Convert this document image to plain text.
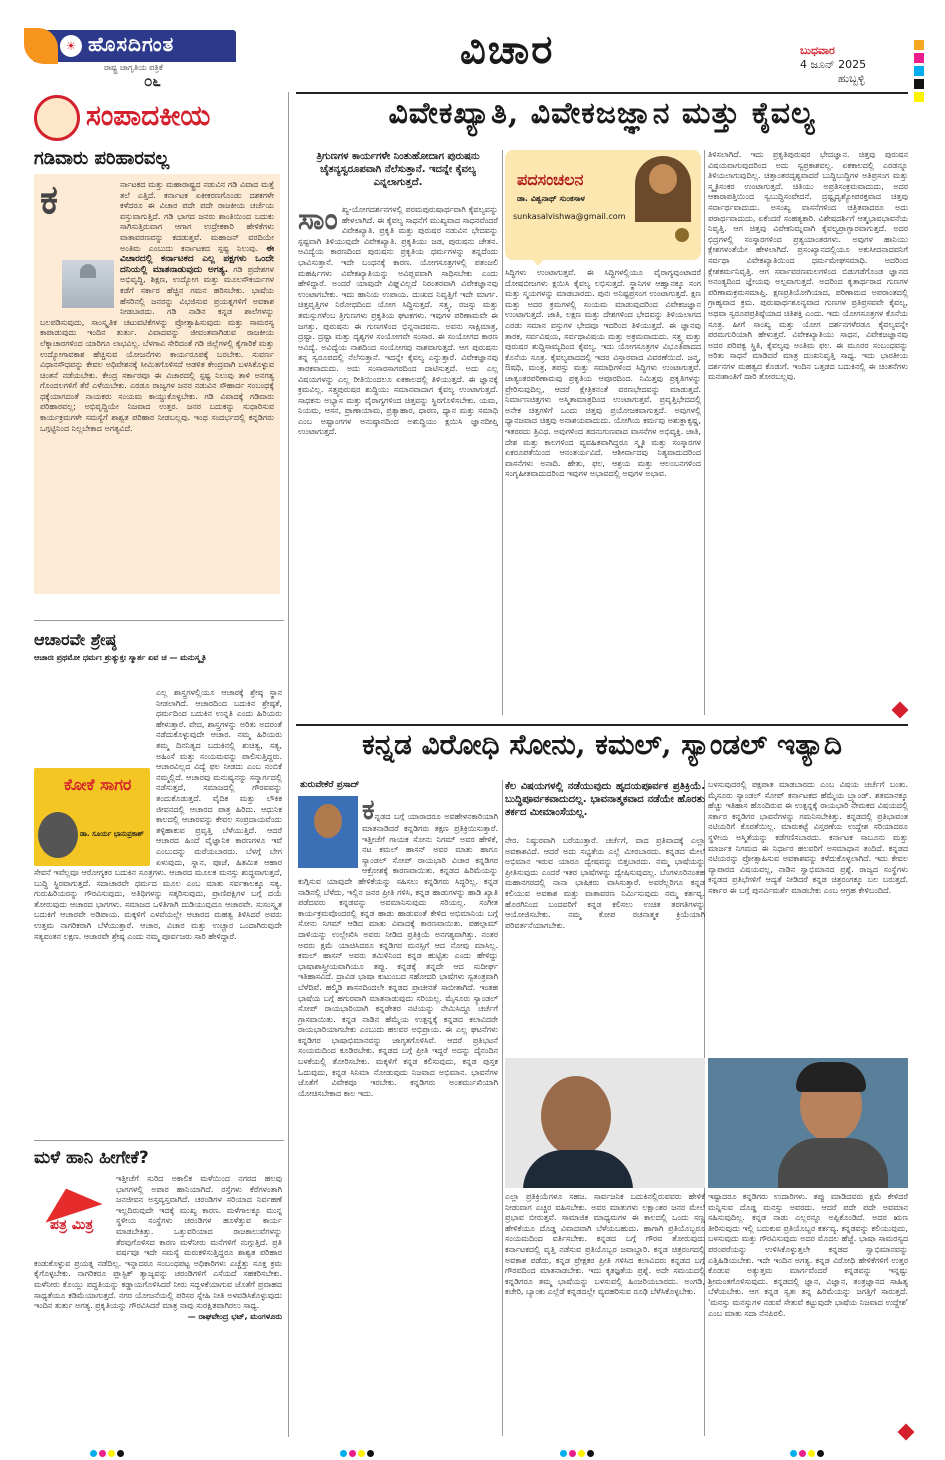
☀ ಹೊಸದಿಗಂತ
ರಾಷ್ಟ್ರ ಜಾಗೃತಿಯ ಪತ್ರಿಕೆ
೦೬
ವಿಚಾರ	ಬುಧವಾರ
4 ಜೂನ್ 2025
ಹುಬ್ಬಳ್ಳಿ
ಸಂಪಾದಕೀಯ
ಗಡಿವಾರು ಪರಿಹಾರವಲ್ಲ
ಕ	ರ್ನಾಟಕದ ಮತ್ತು ಮಹಾರಾಷ್ಟ್ರದ ನಡುವಿನ ಗಡಿ ವಿವಾದ ಮತ್ತೆ ತಲೆ ಎತ್ತಿದೆ. ಕರ್ನಾಟಕ ಏಕೀಕರಣಗೊಂಡು ದಶಕಗಳೇ ಕಳೆದರೂ ಈ ವಿಚಾರ ಪದೇ ಪದೇ ರಾಜಕೀಯ ಚರ್ಚೆಯ ವಸ್ತುವಾಗುತ್ತಿದೆ. ಗಡಿ ಭಾಗದ ಜನರು ಶಾಂತಿಯಿಂದ ಬದುಕು ಸಾಗಿಸುತ್ತಿರುವಾಗ ಆಗಾಗ ಉದ್ರೇಕಕಾರಿ ಹೇಳಿಕೆಗಳು ವಾತಾವರಣವನ್ನು ಕದಡುತ್ತವೆ. ಮಹಾಜನ್ ವರದಿಯೇ ಅಂತಿಮ ಎಂಬುದು ಕರ್ನಾಟಕದ ಸ್ಪಷ್ಟ ನಿಲುವು. ಈ ವಿಚಾರದಲ್ಲಿ ಕರ್ನಾಟಕದ ಎಲ್ಲ ಪಕ್ಷಗಳು ಒಂದೇ ದನಿಯಲ್ಲಿ ಮಾತನಾಡುವುದು ಅಗತ್ಯ. ಗಡಿ ಪ್ರದೇಶಗಳ ಅಭಿವೃದ್ಧಿ, ಶಿಕ್ಷಣ, ಉದ್ಯೋಗ ಮತ್ತು ಮೂಲಸೌಕರ್ಯಗಳ ಕಡೆಗೆ ಸರ್ಕಾರ ಹೆಚ್ಚಿನ ಗಮನ ಹರಿಸಬೇಕು. ಭಾಷೆಯ ಹೆಸರಿನಲ್ಲಿ ಜನರನ್ನು ವಿಭಜಿಸುವ ಪ್ರಯತ್ನಗಳಿಗೆ ಅವಕಾಶ ನೀಡಬಾರದು. ಗಡಿ ನಾಡಿನ ಕನ್ನಡ ಶಾಲೆಗಳನ್ನು ಬಲಪಡಿಸುವುದು, ಸಾಂಸ್ಕೃತಿಕ ಚಟುವಟಿಕೆಗಳನ್ನು ಪ್ರೋತ್ಸಾಹಿಸುವುದು ಮತ್ತು ಸಾಮರಸ್ಯ ಕಾಪಾಡುವುದು ಇಂದಿನ ತುರ್ತು. ವಿವಾದವನ್ನು ಜೀವಂತವಾಗಿಡುವ ರಾಜಕೀಯ ಲೆಕ್ಕಾಚಾರಗಳಿಂದ ಯಾರಿಗೂ ಲಾಭವಿಲ್ಲ. ಬೆಳಗಾವಿ ಸೇರಿದಂತೆ ಗಡಿ ಜಿಲ್ಲೆಗಳಲ್ಲಿ ಕೈಗಾರಿಕೆ ಮತ್ತು ಉದ್ಯೋಗಾವಕಾಶ ಹೆಚ್ಚಿಸುವ ಯೋಜನೆಗಳು ಕಾರ್ಯರೂಪಕ್ಕೆ ಬರಬೇಕು. ಸುವರ್ಣ ವಿಧಾನಸೌಧವನ್ನು ಕೇವಲ ಅಧಿವೇಶನಕ್ಕೆ ಸೀಮಿತಗೊಳಿಸದೆ ಆಡಳಿತ ಕೇಂದ್ರವಾಗಿ ಬಳಸಿಕೊಳ್ಳುವ ಚಿಂತನೆ ನಡೆಯಬೇಕು. ಕೇಂದ್ರ ಸರ್ಕಾರವೂ ಈ ವಿಚಾರದಲ್ಲಿ ಸ್ಪಷ್ಟ ನಿಲುವು ತಾಳಿ ಅನಗತ್ಯ ಗೊಂದಲಗಳಿಗೆ ತೆರೆ ಎಳೆಯಬೇಕು. ಎರಡೂ ರಾಜ್ಯಗಳ ಜನರ ನಡುವಿನ ಸೌಹಾರ್ದ ಸಂಬಂಧಕ್ಕೆ ಧಕ್ಕೆಯಾಗದಂತೆ ನಾಯಕರು ಸಂಯಮ ಕಾಯ್ದುಕೊಳ್ಳಬೇಕು. ಗಡಿ ವಿವಾದಕ್ಕೆ ಗಡಿವಾರು ಪರಿಹಾರವಲ್ಲ; ಅಭಿವೃದ್ಧಿಯೇ ನಿಜವಾದ ಉತ್ತರ. ಜನರ ಬದುಕನ್ನು ಸುಧಾರಿಸುವ ಕಾರ್ಯಕ್ರಮಗಳೇ ಸಮಸ್ಯೆಗೆ ಶಾಶ್ವತ ಪರಿಹಾರ ನೀಡಬಲ್ಲವು. ಇಂಥ ಸಂದರ್ಭದಲ್ಲಿ ಕನ್ನಡಿಗರು ಒಗ್ಗಟ್ಟಿನಿಂದ ನಿಲ್ಲಬೇಕಾದ ಅಗತ್ಯವಿದೆ.
ಆಚಾರವೇ ಶ್ರೇಷ್ಠ
ಆಚಾರಃ ಪ್ರಥಮೋ ಧರ್ಮಃ ಶ್ರುತ್ಯುಕ್ತಃ ಸ್ಮಾರ್ತ ಏವ ಚ — ಮನುಸ್ಮೃತಿ
ಕೋಕೆ ಸಾಗರ
ಡಾ. ಸೂರ್ಯ ಭಾನುಪ್ರಕಾಶ್
ಎಲ್ಲ ಶಾಸ್ತ್ರಗಳಲ್ಲಿಯೂ ಆಚಾರಕ್ಕೆ ಶ್ರೇಷ್ಠ ಸ್ಥಾನ ನೀಡಲಾಗಿದೆ. ಆಚಾರದಿಂದ ಬದುಕಿನ ಶ್ರೇಷ್ಠತೆ, ಧರ್ಮದಿಂದ ಬದುಕಿನ ಉನ್ನತಿ ಎಂದು ಹಿರಿಯರು ಹೇಳುತ್ತಾರೆ. ವೇದ, ಶಾಸ್ತ್ರಗಳನ್ನು ಅರಿತು ಅದರಂತೆ ನಡೆದುಕೊಳ್ಳುವುದೇ ಆಚಾರ. ನಮ್ಮ ಹಿರಿಯರು ತಮ್ಮ ದಿನನಿತ್ಯದ ಬದುಕಿನಲ್ಲಿ ಶುಚಿತ್ವ, ಸತ್ಯ, ಅಹಿಂಸೆ ಮತ್ತು ಸಂಯಮವನ್ನು ಪಾಲಿಸುತ್ತಿದ್ದರು. ಆಚಾರವಿಲ್ಲದ ವಿದ್ಯೆ ಫಲ ನೀಡದು ಎಂಬ ನಂಬಿಕೆ ನಮ್ಮಲ್ಲಿದೆ. ಆಚಾರವು ಮನುಷ್ಯನನ್ನು ಸನ್ಮಾರ್ಗದಲ್ಲಿ ನಡೆಸುತ್ತದೆ, ಸಮಾಜದಲ್ಲಿ ಗೌರವವನ್ನು ತಂದುಕೊಡುತ್ತದೆ. ವೈದಿಕ ಮತ್ತು ಲೌಕಿಕ ಜೀವನದಲ್ಲಿ ಆಚಾರದ ಪಾತ್ರ ಹಿರಿದು. ಆಧುನಿಕ ಕಾಲದಲ್ಲಿ ಆಚಾರವನ್ನು ಕೇವಲ ಸಂಪ್ರದಾಯವೆಂದು ತಳ್ಳಿಹಾಕುವ ಪ್ರವೃತ್ತಿ ಬೆಳೆಯುತ್ತಿದೆ. ಆದರೆ ಆಚಾರದ ಹಿಂದೆ ವೈಜ್ಞಾನಿಕ ಕಾರಣಗಳೂ ಇವೆ ಎಂಬುದನ್ನು ಮರೆಯಬಾರದು. ಬೆಳಗ್ಗೆ ಬೇಗ ಏಳುವುದು, ಸ್ನಾನ, ಪೂಜೆ, ಹಿತಮಿತ ಆಹಾರ ಸೇವನೆ ಇವೆಲ್ಲವೂ ಆರೋಗ್ಯಕರ ಬದುಕಿನ ಸೂತ್ರಗಳು. ಆಚಾರದ ಮೂಲಕ ಮನಸ್ಸು ಶುದ್ಧವಾಗುತ್ತದೆ, ಬುದ್ಧಿ ಸ್ಥಿರವಾಗುತ್ತದೆ. ಸದಾಚಾರವೇ ಧರ್ಮದ ಮೂಲ ಎಂಬ ಮಾತು ಸರ್ವಕಾಲಕ್ಕೂ ಸತ್ಯ. ಗುರುಹಿರಿಯರನ್ನು ಗೌರವಿಸುವುದು, ಅತಿಥಿಗಳನ್ನು ಸತ್ಕರಿಸುವುದು, ಪ್ರಾಣಿಪಕ್ಷಿಗಳ ಬಗ್ಗೆ ದಯೆ ತೋರುವುದು ಆಚಾರದ ಭಾಗಗಳು. ಸಮಾಜದ ಒಳಿತಿಗಾಗಿ ದುಡಿಯುವುದೂ ಆಚಾರವೇ. ಸುಸಂಸ್ಕೃತ ಬದುಕಿಗೆ ಆಚಾರವೇ ಅಡಿಪಾಯ. ಮಕ್ಕಳಿಗೆ ಎಳವೆಯಲ್ಲೇ ಆಚಾರದ ಮಹತ್ವ ತಿಳಿಸಿದರೆ ಅವರು ಉತ್ತಮ ನಾಗರಿಕರಾಗಿ ಬೆಳೆಯುತ್ತಾರೆ. ಆಚಾರ, ವಿಚಾರ ಮತ್ತು ಉಚ್ಚಾರ ಒಂದಾಗಿರುವುದೇ ಸತ್ಯವಂತನ ಲಕ್ಷಣ. ಆಚಾರವೇ ಶ್ರೇಷ್ಠ ಎಂದು ನಮ್ಮ ಪೂರ್ವಜರು ಸಾರಿ ಹೇಳಿದ್ದಾರೆ.
ಮಳೆ ಹಾನಿ ಹೀಗೇಕೆ?
ಪತ್ರ ಮಿತ್ರ
ಇತ್ತೀಚೆಗೆ ಸುರಿದ ಅಕಾಲಿಕ ಮಳೆಯಿಂದ ನಗರದ ಹಲವು ಭಾಗಗಳಲ್ಲಿ ಅಪಾರ ಹಾನಿಯಾಗಿದೆ. ರಸ್ತೆಗಳು ಕೆರೆಗಳಂತಾಗಿ ಜನಜೀವನ ಅಸ್ತವ್ಯಸ್ತವಾಗಿದೆ. ಚರಂಡಿಗಳ ಸರಿಯಾದ ನಿರ್ವಹಣೆ ಇಲ್ಲದಿರುವುದೇ ಇದಕ್ಕೆ ಮುಖ್ಯ ಕಾರಣ. ಮಳೆಗಾಲಕ್ಕೂ ಮುನ್ನ ಸ್ಥಳೀಯ ಸಂಸ್ಥೆಗಳು ಚರಂಡಿಗಳ ಹೂಳೆತ್ತುವ ಕಾರ್ಯ ಮಾಡಬೇಕಿತ್ತು. ಒತ್ತುವರಿಯಾದ ರಾಜಕಾಲುವೆಗಳನ್ನು ತೆರವುಗೊಳಿಸದ ಕಾರಣ ಮಳೆನೀರು ಮನೆಗಳಿಗೆ ನುಗ್ಗುತ್ತಿದೆ. ಪ್ರತಿ ವರ್ಷವೂ ಇದೇ ಸಮಸ್ಯೆ ಮರುಕಳಿಸುತ್ತಿದ್ದರೂ ಶಾಶ್ವತ ಪರಿಹಾರ ಕಂಡುಕೊಳ್ಳುವ ಪ್ರಯತ್ನ ನಡೆದಿಲ್ಲ. ಇನ್ನಾದರೂ ಸಂಬಂಧಪಟ್ಟ ಅಧಿಕಾರಿಗಳು ಎಚ್ಚೆತ್ತು ಸೂಕ್ತ ಕ್ರಮ ಕೈಗೊಳ್ಳಬೇಕು. ನಾಗರಿಕರೂ ಪ್ಲಾಸ್ಟಿಕ್ ತ್ಯಾಜ್ಯವನ್ನು ಚರಂಡಿಗಳಿಗೆ ಎಸೆಯದೆ ಸಹಕರಿಸಬೇಕು. ಮಳೆನೀರು ಕೊಯ್ಲು ಪದ್ಧತಿಯನ್ನು ಕಡ್ಡಾಯಗೊಳಿಸಿದರೆ ನೀರು ಸದ್ಬಳಕೆಯಾಗುವ ಜೊತೆಗೆ ಪ್ರವಾಹದ ಸಾಧ್ಯತೆಯೂ ಕಡಿಮೆಯಾಗುತ್ತದೆ. ನಗರ ಯೋಜನೆಯಲ್ಲಿ ಪರಿಸರ ಸ್ನೇಹಿ ನೀತಿ ಅಳವಡಿಸಿಕೊಳ್ಳುವುದು ಇಂದಿನ ತುರ್ತು ಅಗತ್ಯ. ಪ್ರಕೃತಿಯನ್ನು ಗೌರವಿಸಿದರೆ ಮಾತ್ರ ನಾವು ಸುರಕ್ಷಿತವಾಗಿರಲು ಸಾಧ್ಯ.
— ರಾಘವೇಂದ್ರ ಭಟ್, ಮಂಗಳೂರು
ವಿವೇಕಖ್ಯಾತಿ, ವಿವೇಕಜಜ್ಞಾನ ಮತ್ತು ಕೈವಲ್ಯ
ತ್ರಿಗುಣಗಳ ಕಾರ್ಯಗಳೇ ನಿಂತುಹೋದಾಗ ಪುರುಷನು ಚೈತನ್ಯಸ್ವರೂಪವಾಗಿ ನೆಲೆಸುತ್ತಾನೆ. ಇದನ್ನೇ ಕೈವಲ್ಯ ಎನ್ನಲಾಗುತ್ತದೆ.
ಸಾಂ ಖ್ಯ-ಯೋಗದರ್ಶನಗಳಲ್ಲಿ ಪರಮಪುರುಷಾರ್ಥವಾಗಿ ಕೈವಲ್ಯವನ್ನು ಹೇಳಲಾಗಿದೆ. ಈ ಕೈವಲ್ಯ ಸಾಧನೆಗೆ ಮುಖ್ಯವಾದ ಸಾಧನವೆಂದರೆ ವಿವೇಕಖ್ಯಾತಿ. ಪ್ರಕೃತಿ ಮತ್ತು ಪುರುಷರ ನಡುವಿನ ಭೇದವನ್ನು ಸ್ಪಷ್ಟವಾಗಿ ತಿಳಿಯುವುದೇ ವಿವೇಕಖ್ಯಾತಿ. ಪ್ರಕೃತಿಯು ಜಡ, ಪುರುಷನು ಚೇತನ. ಅವಿದ್ಯೆಯ ಕಾರಣದಿಂದ ಪುರುಷನು ಪ್ರಕೃತಿಯ ಧರ್ಮಗಳನ್ನು ತನ್ನದೆಂದು ಭಾವಿಸುತ್ತಾನೆ. ಇದೇ ಬಂಧನಕ್ಕೆ ಕಾರಣ. ಯೋಗಸೂತ್ರಗಳಲ್ಲಿ ಪತಂಜಲಿ ಮಹರ್ಷಿಗಳು ವಿವೇಕಖ್ಯಾತಿಯನ್ನು ಅವಿಪ್ಲವವಾಗಿ ಸಾಧಿಸಬೇಕು ಎಂದು ಹೇಳಿದ್ದಾರೆ. ಅಂದರೆ ಯಾವುದೇ ವಿಘ್ನವಿಲ್ಲದೆ ನಿರಂತರವಾಗಿ ವಿವೇಕಜ್ಞಾನವು ಉಂಟಾಗಬೇಕು. ಇದು ಹಾನಿಯ ಉಪಾಯ. ದುಃಖದ ನಿವೃತ್ತಿಗೆ ಇದೇ ಮಾರ್ಗ. ಚಿತ್ತವೃತ್ತಿಗಳ ನಿರೋಧದಿಂದ ಯೋಗ ಸಿದ್ಧಿಸುತ್ತದೆ. ಸತ್ತ್ವ, ರಜಸ್ಸು ಮತ್ತು ತಮಸ್ಸುಗಳೆಂಬ ತ್ರಿಗುಣಗಳು ಪ್ರಕೃತಿಯ ಘಟಕಗಳು. ಇವುಗಳ ಪರಿಣಾಮವೇ ಈ ಜಗತ್ತು. ಪುರುಷನು ಈ ಗುಣಗಳಿಂದ ಭಿನ್ನನಾದವನು. ಅವನು ಸಾಕ್ಷಿಮಾತ್ರ, ದ್ರಷ್ಟಾ. ದ್ರಷ್ಟಾ ಮತ್ತು ದೃಶ್ಯಗಳ ಸಂಯೋಗವೇ ಸಂಸಾರ. ಈ ಸಂಯೋಗದ ಕಾರಣ ಅವಿದ್ಯೆ. ಅವಿದ್ಯೆಯ ನಾಶದಿಂದ ಸಂಯೋಗವು ನಾಶವಾಗುತ್ತದೆ. ಆಗ ಪುರುಷನು ತನ್ನ ಸ್ವರೂಪದಲ್ಲಿ ನೆಲೆಸುತ್ತಾನೆ. ಇದನ್ನೇ ಕೈವಲ್ಯ ಎನ್ನುತ್ತಾರೆ. ವಿವೇಕಜ್ಞಾನವು ತಾರಕವಾದುದು. ಅದು ಸಂಸಾರಸಾಗರದಿಂದ ದಾಟಿಸುತ್ತದೆ. ಅದು ಎಲ್ಲ ವಿಷಯಗಳನ್ನು ಎಲ್ಲ ರೀತಿಯಿಂದಲೂ ಏಕಕಾಲದಲ್ಲಿ ತಿಳಿಯುತ್ತದೆ. ಈ ಜ್ಞಾನಕ್ಕೆ ಕ್ರಮವಿಲ್ಲ. ಸತ್ತ್ವಪುರುಷರ ಶುದ್ಧಿಯು ಸಮಾನವಾದಾಗ ಕೈವಲ್ಯ ಉಂಟಾಗುತ್ತದೆ. ಸಾಧಕನು ಅಭ್ಯಾಸ ಮತ್ತು ವೈರಾಗ್ಯಗಳಿಂದ ಚಿತ್ತವನ್ನು ಸ್ಥಿರಗೊಳಿಸಬೇಕು. ಯಮ, ನಿಯಮ, ಆಸನ, ಪ್ರಾಣಾಯಾಮ, ಪ್ರತ್ಯಾಹಾರ, ಧಾರಣ, ಧ್ಯಾನ ಮತ್ತು ಸಮಾಧಿ ಎಂಬ ಅಷ್ಟಾಂಗಗಳ ಅನುಷ್ಠಾನದಿಂದ ಅಶುದ್ಧಿಯು ಕ್ಷಯಿಸಿ ಜ್ಞಾನದೀಪ್ತಿ ಉಂಟಾಗುತ್ತದೆ.
ಪದಸಂಚಲನ
ಡಾ. ವಿಶ್ವನಾಥ್ ಸುಂಕಸಾಳ
sunkasalvishwa@gmail.com
ಸಿದ್ಧಿಗಳು ಉಂಟಾಗುತ್ತವೆ. ಈ ಸಿದ್ಧಿಗಳಲ್ಲಿಯೂ ವೈರಾಗ್ಯವುಂಟಾದರೆ ದೋಷಬೀಜಗಳು ಕ್ಷಯಿಸಿ ಕೈವಲ್ಯ ಲಭಿಸುತ್ತದೆ. ಸ್ಥಾನಿಗಳ ಆಹ್ವಾನಕ್ಕೂ ಸಂಗ ಮತ್ತು ಸ್ಮಯಗಳನ್ನು ಮಾಡಬಾರದು. ಪುನಃ ಅನಿಷ್ಟಪ್ರಸಂಗ ಉಂಟಾಗುತ್ತದೆ. ಕ್ಷಣ ಮತ್ತು ಅದರ ಕ್ರಮಗಳಲ್ಲಿ ಸಂಯಮ ಮಾಡುವುದರಿಂದ ವಿವೇಕಜಜ್ಞಾನ ಉಂಟಾಗುತ್ತದೆ. ಜಾತಿ, ಲಕ್ಷಣ ಮತ್ತು ದೇಶಗಳಿಂದ ಭೇದವನ್ನು ತಿಳಿಯಲಾಗದ ಎರಡು ಸಮಾನ ವಸ್ತುಗಳ ಭೇದವೂ ಇದರಿಂದ ತಿಳಿಯುತ್ತದೆ. ಈ ಜ್ಞಾನವು ತಾರಕ, ಸರ್ವವಿಷಯ, ಸರ್ವಥಾವಿಷಯ ಮತ್ತು ಅಕ್ರಮವಾದುದು. ಸತ್ತ್ವ ಮತ್ತು ಪುರುಷರ ಶುದ್ಧಿಸಾಮ್ಯದಿಂದ ಕೈವಲ್ಯ. ಇದು ಯೋಗಸೂತ್ರಗಳ ವಿಭೂತಿಪಾದದ ಕೊನೆಯ ಸೂತ್ರ. ಕೈವಲ್ಯಪಾದದಲ್ಲಿ ಇದರ ವಿಸ್ತಾರವಾದ ವಿವರಣೆಯಿದೆ. ಜನ್ಮ, ಔಷಧಿ, ಮಂತ್ರ, ತಪಸ್ಸು ಮತ್ತು ಸಮಾಧಿಗಳಿಂದ ಸಿದ್ಧಿಗಳು ಉಂಟಾಗುತ್ತವೆ. ಜಾತ್ಯಂತರಪರಿಣಾಮವು ಪ್ರಕೃತಿಯ ಆಪೂರದಿಂದ. ನಿಮಿತ್ತವು ಪ್ರಕೃತಿಗಳನ್ನು ಪ್ರೇರಿಸುವುದಿಲ್ಲ, ಆದರೆ ಕ್ಷೇತ್ರಿಕನಂತೆ ವರಣಭೇದವನ್ನು ಮಾಡುತ್ತದೆ. ನಿರ್ಮಾಣಚಿತ್ತಗಳು ಅಸ್ಮಿತಾಮಾತ್ರದಿಂದ ಉಂಟಾಗುತ್ತವೆ. ಪ್ರವೃತ್ತಿಭೇದದಲ್ಲಿ ಅನೇಕ ಚಿತ್ತಗಳಿಗೆ ಒಂದು ಚಿತ್ತವು ಪ್ರಯೋಜಕವಾಗುತ್ತದೆ. ಅವುಗಳಲ್ಲಿ ಧ್ಯಾನಜವಾದ ಚಿತ್ತವು ಅನಾಶಯವಾದುದು. ಯೋಗಿಯ ಕರ್ಮವು ಅಶುಕ್ಲಾಕೃಷ್ಣ, ಇತರರದು ತ್ರಿವಿಧ. ಅವುಗಳಿಂದ ತದನುಗುಣವಾದ ವಾಸನೆಗಳ ಅಭಿವ್ಯಕ್ತಿ. ಜಾತಿ, ದೇಶ ಮತ್ತು ಕಾಲಗಳಿಂದ ವ್ಯವಹಿತವಾಗಿದ್ದರೂ ಸ್ಮೃತಿ ಮತ್ತು ಸಂಸ್ಕಾರಗಳ ಏಕರೂಪತೆಯಿಂದ ಆನಂತರ್ಯವಿದೆ. ಆಶೀರ್ವಾದವು ನಿತ್ಯವಾದುದರಿಂದ ವಾಸನೆಗಳು ಅನಾದಿ. ಹೇತು, ಫಲ, ಆಶ್ರಯ ಮತ್ತು ಆಲಂಬನಗಳಿಂದ ಸಂಗೃಹೀತವಾದುದರಿಂದ ಇವುಗಳ ಅಭಾವದಲ್ಲಿ ಅವುಗಳ ಅಭಾವ.
ತಿಳಿಸಲಾಗಿದೆ. ಇದು ಪ್ರಕೃತಿಪುರುಷರ ಭೇದಜ್ಞಾನ. ಚಿತ್ತವು ಪುರುಷನ ವಿಷಯವಾಗುವುದರಿಂದ ಅದು ಸ್ವಪ್ರಕಾಶವಲ್ಲ. ಏಕಕಾಲದಲ್ಲಿ ಎರಡನ್ನೂ ತಿಳಿಯಲಾಗುವುದಿಲ್ಲ. ಚಿತ್ತಾಂತರದೃಶ್ಯವಾದರೆ ಬುದ್ಧಿಬುದ್ಧಿಗಳ ಅತಿಪ್ರಸಂಗ ಮತ್ತು ಸ್ಮೃತಿಸಂಕರ ಉಂಟಾಗುತ್ತದೆ. ಚಿತಿಯು ಅಪ್ರತಿಸಂಕ್ರಮವಾದುದು, ಅದರ ಆಕಾರಾಪತ್ತಿಯಿಂದ ಸ್ವಬುದ್ಧಿಸಂವೇದನೆ. ದ್ರಷ್ಟೃದೃಶ್ಯೋಪರಕ್ತವಾದ ಚಿತ್ತವು ಸರ್ವಾರ್ಥವಾದುದು. ಅಸಂಖ್ಯ ವಾಸನೆಗಳಿಂದ ಚಿತ್ರಿತವಾದರೂ ಅದು ಪರಾರ್ಥವಾದುದು, ಏಕೆಂದರೆ ಸಂಹತ್ಯಕಾರಿ. ವಿಶೇಷದರ್ಶಿಗೆ ಆತ್ಮಭಾವಭಾವನೆಯ ನಿವೃತ್ತಿ. ಆಗ ಚಿತ್ತವು ವಿವೇಕನಿಮ್ನವಾಗಿ ಕೈವಲ್ಯಪ್ರಾಗ್ಭಾರವಾಗುತ್ತದೆ. ಅದರ ಛಿದ್ರಗಳಲ್ಲಿ ಸಂಸ್ಕಾರಗಳಿಂದ ಪ್ರತ್ಯಯಾಂತರಗಳು. ಅವುಗಳ ಹಾನಿಯು ಕ್ಲೇಶಗಳಂತೆಯೇ ಹೇಳಲಾಗಿದೆ. ಪ್ರಸಂಖ್ಯಾನದಲ್ಲಿಯೂ ಅಕುಸೀದನಾದವನಿಗೆ ಸರ್ವಥಾ ವಿವೇಕಖ್ಯಾತಿಯಿಂದ ಧರ್ಮಮೇಘಸಮಾಧಿ. ಅದರಿಂದ ಕ್ಲೇಶಕರ್ಮನಿವೃತ್ತಿ. ಆಗ ಸರ್ವಾವರಣಮಲಗಳಿಂದ ಬಿಡುಗಡೆಗೊಂಡ ಜ್ಞಾನದ ಅನಂತ್ಯದಿಂದ ಜ್ಞೇಯವು ಅಲ್ಪವಾಗುತ್ತದೆ. ಅದರಿಂದ ಕೃತಾರ್ಥರಾದ ಗುಣಗಳ ಪರಿಣಾಮಕ್ರಮಸಮಾಪ್ತಿ. ಕ್ಷಣಪ್ರತಿಯೋಗಿಯಾದ, ಪರಿಣಾಮದ ಅಪರಾಂತದಲ್ಲಿ ಗ್ರಾಹ್ಯವಾದ ಕ್ರಮ. ಪುರುಷಾರ್ಥಶೂನ್ಯವಾದ ಗುಣಗಳ ಪ್ರತಿಪ್ರಸವವೇ ಕೈವಲ್ಯ, ಅಥವಾ ಸ್ವರೂಪಪ್ರತಿಷ್ಠೆಯಾದ ಚಿತಿಶಕ್ತಿ ಎಂದು. ಇದು ಯೋಗಸೂತ್ರಗಳ ಕೊನೆಯ ಸೂತ್ರ. ಹೀಗೆ ಸಾಂಖ್ಯ ಮತ್ತು ಯೋಗ ದರ್ಶನಗಳೆರಡೂ ಕೈವಲ್ಯವನ್ನೇ ಪರಮಗುರಿಯಾಗಿ ಹೇಳುತ್ತವೆ. ವಿವೇಕಖ್ಯಾತಿಯು ಸಾಧನ, ವಿವೇಕಜಜ್ಞಾನವು ಅದರ ಪರಿಪಕ್ವ ಸ್ಥಿತಿ, ಕೈವಲ್ಯವು ಅಂತಿಮ ಫಲ. ಈ ಮೂರರ ಸಂಬಂಧವನ್ನು ಅರಿತು ಸಾಧನೆ ಮಾಡಿದರೆ ಮಾತ್ರ ದುಃಖನಿವೃತ್ತಿ ಸಾಧ್ಯ. ಇದು ಭಾರತೀಯ ದರ್ಶನಗಳ ಮಹತ್ವದ ಕೊಡುಗೆ. ಇಂದಿನ ಒತ್ತಡದ ಬದುಕಿನಲ್ಲಿ ಈ ಚಿಂತನೆಗಳು ಮನಃಶಾಂತಿಗೆ ದಾರಿ ತೋರಬಲ್ಲವು.
ಕನ್ನಡ ವಿರೋಧಿ ಸೋನು, ಕಮಲ್, ಸ್ಯಾಂಡಲ್ ಇತ್ಯಾದಿ
ತುರುವೇಕೆರೆ ಪ್ರಸಾದ್
ಕನ್ನಡದ ಬಗ್ಗೆ ಯಾರಾದರೂ ಅವಹೇಳನಕಾರಿಯಾಗಿ ಮಾತನಾಡಿದರೆ ಕನ್ನಡಿಗರು ತಕ್ಷಣ ಪ್ರತಿಕ್ರಿಯಿಸುತ್ತಾರೆ. ಇತ್ತೀಚೆಗೆ ಗಾಯಕ ಸೋನು ನಿಗಮ್ ಅವರ ಹೇಳಿಕೆ, ನಟ ಕಮಲ್ ಹಾಸನ್ ಅವರ ಮಾತು ಹಾಗೂ ಸ್ಯಾಂಡಲ್ ಸೋಪ್ ರಾಯಭಾರಿ ವಿಚಾರ ಕನ್ನಡಿಗರ ಆಕ್ರೋಶಕ್ಕೆ ಕಾರಣವಾಯಿತು. ಕನ್ನಡದ ಹಿರಿಮೆಯನ್ನು ಕುಗ್ಗಿಸುವ ಯಾವುದೇ ಹೇಳಿಕೆಯನ್ನು ಸಹಿಸಲು ಕನ್ನಡಿಗರು ಸಿದ್ಧರಿಲ್ಲ. ಕನ್ನಡ ನಾಡಿನಲ್ಲಿ ಬೆಳೆದು, ಇಲ್ಲಿನ ಜನರ ಪ್ರೀತಿ ಗಳಿಸಿ, ಕನ್ನಡ ಹಾಡುಗಳನ್ನು ಹಾಡಿ ಖ್ಯಾತಿ ಪಡೆದವರು ಕನ್ನಡವನ್ನು ಅವಮಾನಿಸುವುದು ಸರಿಯಲ್ಲ. ಸಂಗೀತ ಕಾರ್ಯಕ್ರಮವೊಂದರಲ್ಲಿ ಕನ್ನಡ ಹಾಡು ಹಾಡುವಂತೆ ಕೇಳಿದ ಅಭಿಮಾನಿಯ ಬಗ್ಗೆ ಸೋನು ನಿಗಮ್ ಆಡಿದ ಮಾತು ವಿವಾದಕ್ಕೆ ಕಾರಣವಾಯಿತು. ಪಹಲ್ಗಾಮ್ ದಾಳಿಯನ್ನು ಉಲ್ಲೇಖಿಸಿ ಅವರು ನೀಡಿದ ಪ್ರತಿಕ್ರಿಯೆ ಅನಗತ್ಯವಾಗಿತ್ತು. ನಂತರ ಅವರು ಕ್ಷಮೆ ಯಾಚಿಸಿದರೂ ಕನ್ನಡಿಗರ ಮನಸ್ಸಿಗೆ ಆದ ನೋವು ಮಾಸಿಲ್ಲ. ಕಮಲ್ ಹಾಸನ್ ಅವರು ತಮಿಳಿನಿಂದ ಕನ್ನಡ ಹುಟ್ಟಿತು ಎಂದು ಹೇಳಿದ್ದು ಭಾಷಾಶಾಸ್ತ್ರೀಯವಾಗಿಯೂ ತಪ್ಪು. ಕನ್ನಡಕ್ಕೆ ತನ್ನದೇ ಆದ ಸುದೀರ್ಘ ಇತಿಹಾಸವಿದೆ. ದ್ರಾವಿಡ ಭಾಷಾ ಕುಟುಂಬದ ಸಹೋದರಿ ಭಾಷೆಗಳು ಸ್ವತಂತ್ರವಾಗಿ ಬೆಳೆದಿವೆ. ಹಲ್ಮಿಡಿ ಶಾಸನದಿಂದಲೇ ಕನ್ನಡದ ಪ್ರಾಚೀನತೆ ಸಾಬೀತಾಗಿದೆ. ಇಂತಹ ಭಾಷೆಯ ಬಗ್ಗೆ ಹಗುರವಾಗಿ ಮಾತನಾಡುವುದು ಸರಿಯಲ್ಲ. ಮೈಸೂರು ಸ್ಯಾಂಡಲ್ ಸೋಪ್ ರಾಯಭಾರಿಯಾಗಿ ಕನ್ನಡೇತರ ನಟಿಯನ್ನು ನೇಮಿಸಿದ್ದೂ ಚರ್ಚೆಗೆ ಗ್ರಾಸವಾಯಿತು. ಕನ್ನಡ ನಾಡಿನ ಹೆಮ್ಮೆಯ ಉತ್ಪನ್ನಕ್ಕೆ ಕನ್ನಡದ ಕಲಾವಿದರೇ ರಾಯಭಾರಿಯಾಗಬೇಕು ಎಂಬುದು ಹಲವರ ಅಭಿಪ್ರಾಯ. ಈ ಎಲ್ಲ ಘಟನೆಗಳು ಕನ್ನಡಿಗರ ಭಾಷಾಭಿಮಾನವನ್ನು ಜಾಗೃತಗೊಳಿಸಿವೆ. ಆದರೆ ಪ್ರತಿಭಟನೆ ಸಂಯಮದಿಂದ ಕೂಡಿರಬೇಕು. ಕನ್ನಡದ ಬಗ್ಗೆ ಪ್ರೀತಿ ಇದ್ದರೆ ಅದನ್ನು ದೈನಂದಿನ ಬಳಕೆಯಲ್ಲಿ ತೋರಿಸಬೇಕು. ಮಕ್ಕಳಿಗೆ ಕನ್ನಡ ಕಲಿಸುವುದು, ಕನ್ನಡ ಪುಸ್ತಕ ಓದುವುದು, ಕನ್ನಡ ಸಿನಿಮಾ ನೋಡುವುದು ನಿಜವಾದ ಅಭಿಮಾನ. ಭಾವನೆಗಳ ಜೊತೆಗೆ ವಿವೇಕವೂ ಇರಬೇಕು. ಕನ್ನಡಿಗರು ಅಂತರ್ಮುಖಿಯಾಗಿ ಯೋಚಿಸಬೇಕಾದ ಕಾಲ ಇದು.
ಕೆಲ ವಿಷಯಗಳಲ್ಲಿ ನಡೆಯುವುದು ಹೃದಯಪೂರ್ವಕ ಪ್ರತಿಕ್ರಿಯೆ. ಬುದ್ಧಿಪೂರ್ವಕವಾದುದಲ್ಲ. ಭಾವನಾತ್ಮಕವಾದ ನಡೆಯೇ ಹೊರತು ತರ್ಕದ ಮೀಮಾಂಸೆಯಲ್ಲ.
ನೇರ. ನಿಷ್ಠುರವಾಗಿ ಬರೆಯುತ್ತಾರೆ. ಚರ್ಚೆಗೆ, ವಾದ ಪ್ರತಿವಾದಕ್ಕೆ ಎಲ್ಲಾ ಅವಕಾಶವಿದೆ. ಆದರೆ ಅದು ಸಭ್ಯತೆಯ ಎಲ್ಲೆ ಮೀರಬಾರದು. ಕನ್ನಡದ ಮೇಲೆ ಅಭಿಮಾನ ಇರುವ ಯಾರೂ ದ್ವೇಷವನ್ನು ಬಿತ್ತಬಾರದು. ನಮ್ಮ ಭಾಷೆಯನ್ನು ಪ್ರೀತಿಸುವುದು ಎಂದರೆ ಇತರ ಭಾಷೆಗಳನ್ನು ದ್ವೇಷಿಸುವುದಲ್ಲ. ಬೆಂಗಳೂರಿನಂತಹ ಮಹಾನಗರದಲ್ಲಿ ನಾನಾ ಭಾಷಿಕರು ವಾಸಿಸುತ್ತಾರೆ. ಅವರೆಲ್ಲರಿಗೂ ಕನ್ನಡ ಕಲಿಯುವ ಅವಕಾಶ ಮತ್ತು ವಾತಾವರಣ ನಿರ್ಮಿಸುವುದು ನಮ್ಮ ಕರ್ತವ್ಯ. ಹೊರಗಿನಿಂದ ಬಂದವರಿಗೆ ಕನ್ನಡ ಕಲಿಸಲು ಉಚಿತ ತರಗತಿಗಳನ್ನು ಆಯೋಜಿಸಬೇಕು. ನಮ್ಮ ಕೋಪ ರಚನಾತ್ಮಕ ಕ್ರಿಯೆಯಾಗಿ ಪರಿವರ್ತನೆಯಾಗಬೇಕು.
ಬಳಸುವುದರಲ್ಲಿ ಪಕ್ಷಪಾತ ಮಾಡಬಾರದು ಎಂಬ ವಿಷಯ ಚರ್ಚೆಗೆ ಬಂತು. ಮೈಸೂರು ಸ್ಯಾಂಡಲ್ ಸೋಪ್ ಕರ್ನಾಟಕದ ಹೆಮ್ಮೆಯ ಬ್ರ್ಯಾಂಡ್. ಶತಮಾನಕ್ಕೂ ಹೆಚ್ಚು ಇತಿಹಾಸ ಹೊಂದಿರುವ ಈ ಉತ್ಪನ್ನಕ್ಕೆ ರಾಯಭಾರಿ ನೇಮಕದ ವಿಷಯದಲ್ಲಿ ಸರ್ಕಾರ ಕನ್ನಡಿಗರ ಭಾವನೆಗಳನ್ನು ಗಮನಿಸಬೇಕಿತ್ತು. ಕನ್ನಡದಲ್ಲಿ ಪ್ರತಿಭಾವಂತ ನಟಿಯರಿಗೆ ಕೊರತೆಯಿಲ್ಲ. ಮಾರುಕಟ್ಟೆ ವಿಸ್ತರಣೆಯ ಉದ್ದೇಶ ಸರಿಯಾದರೂ ಸ್ಥಳೀಯ ಅಸ್ಮಿತೆಯನ್ನು ಕಡೆಗಣಿಸಬಾರದು. ಕರ್ನಾಟಕ ಸಾಬೂನು ಮತ್ತು ಮಾರ್ಜಕ ನಿಗಮದ ಈ ನಿರ್ಧಾರ ಹಲವರಿಗೆ ಅಸಮಾಧಾನ ತಂದಿದೆ. ಕನ್ನಡದ ನಟಿಯರನ್ನು ಪ್ರೋತ್ಸಾಹಿಸುವ ಅವಕಾಶವನ್ನು ಕಳೆದುಕೊಳ್ಳಲಾಗಿದೆ. ಇದು ಕೇವಲ ವ್ಯಾಪಾರದ ವಿಷಯವಲ್ಲ, ನಾಡಿನ ಸ್ವಾಭಿಮಾನದ ಪ್ರಶ್ನೆ. ರಾಜ್ಯದ ಸಂಸ್ಥೆಗಳು ಕನ್ನಡದ ಪ್ರತಿಭೆಗಳಿಗೆ ಆದ್ಯತೆ ನೀಡಿದರೆ ಕನ್ನಡ ಚಿತ್ರರಂಗಕ್ಕೂ ಬಲ ಬರುತ್ತದೆ. ಸರ್ಕಾರ ಈ ಬಗ್ಗೆ ಪುನರ್ವಿಮರ್ಶೆ ಮಾಡಬೇಕು ಎಂಬ ಆಗ್ರಹ ಕೇಳಿಬಂದಿದೆ.
ಎಲ್ಲಾ ಪ್ರತಿಕ್ರಿಯೆಗಳೂ ಸಹಜ. ಸಾರ್ವಜನಿಕ ಬದುಕಿನಲ್ಲಿರುವವರು ಹೇಳಿಕೆ ನೀಡುವಾಗ ಎಚ್ಚರ ವಹಿಸಬೇಕು. ಅವರ ಮಾತುಗಳು ಲಕ್ಷಾಂತರ ಜನರ ಮೇಲೆ ಪ್ರಭಾವ ಬೀರುತ್ತವೆ. ಸಾಮಾಜಿಕ ಮಾಧ್ಯಮಗಳ ಈ ಕಾಲದಲ್ಲಿ ಒಂದು ಸಣ್ಣ ಹೇಳಿಕೆಯೂ ದೊಡ್ಡ ವಿವಾದವಾಗಿ ಬೆಳೆಯಬಹುದು. ಹಾಗಾಗಿ ಪ್ರತಿಯೊಬ್ಬರೂ ಸಂಯಮದಿಂದ ವರ್ತಿಸಬೇಕು. ಕನ್ನಡದ ಬಗ್ಗೆ ಗೌರವ ತೋರುವುದು ಕರ್ನಾಟಕದಲ್ಲಿ ವೃತ್ತಿ ನಡೆಸುವ ಪ್ರತಿಯೊಬ್ಬರ ಜವಾಬ್ದಾರಿ. ಕನ್ನಡ ಚಿತ್ರರಂಗದಲ್ಲಿ ಅವಕಾಶ ಪಡೆದು, ಕನ್ನಡ ಪ್ರೇಕ್ಷಕರ ಪ್ರೀತಿ ಗಳಿಸಿದ ಕಲಾವಿದರು ಕನ್ನಡದ ಬಗ್ಗೆ ಗೌರವದಿಂದ ಮಾತನಾಡಬೇಕು. ಇದು ಕೃತಜ್ಞತೆಯ ಪ್ರಶ್ನೆ. ಅದೇ ಸಮಯದಲ್ಲಿ ಕನ್ನಡಿಗರೂ ತಮ್ಮ ಭಾಷೆಯನ್ನು ಬಳಸುವಲ್ಲಿ ಹಿಂಜರಿಯಬಾರದು. ಅಂಗಡಿ, ಕಚೇರಿ, ಬ್ಯಾಂಕು ಎಲ್ಲೆಡೆ ಕನ್ನಡದಲ್ಲೇ ವ್ಯವಹರಿಸುವ ರೂಢಿ ಬೆಳೆಸಿಕೊಳ್ಳಬೇಕು.
ಇಷ್ಟಾದರೂ ಕನ್ನಡಿಗರು ಉದಾರಿಗಳು. ತಪ್ಪು ಮಾಡಿದವರು ಕ್ಷಮೆ ಕೇಳಿದರೆ ಮನ್ನಿಸುವ ದೊಡ್ಡ ಮನಸ್ಸು ಅವರದು. ಆದರೆ ಪದೇ ಪದೇ ಅವಮಾನ ಸಹಿಸುವುದಿಲ್ಲ. ಕನ್ನಡ ನಾಡು ಎಲ್ಲರನ್ನೂ ಅಪ್ಪಿಕೊಂಡಿದೆ. ಅದರ ಋಣ ತೀರಿಸುವುದು ಇಲ್ಲಿ ಬದುಕುವ ಪ್ರತಿಯೊಬ್ಬರ ಕರ್ತವ್ಯ. ಕನ್ನಡವನ್ನು ಕಲಿಯುವುದು, ಬಳಸುವುದು ಮತ್ತು ಗೌರವಿಸುವುದು ಅದರ ಮೊದಲ ಹೆಜ್ಜೆ. ಭಾಷಾ ಸಾಮರಸ್ಯದ ಪರಂಪರೆಯನ್ನು ಉಳಿಸಿಕೊಳ್ಳುತ್ತಲೇ ಕನ್ನಡದ ಸ್ವಾಭಿಮಾನವನ್ನು ಎತ್ತಿಹಿಡಿಯಬೇಕು. ಇದೇ ಇಂದಿನ ಅಗತ್ಯ. ಕನ್ನಡ ವಿರೋಧಿ ಹೇಳಿಕೆಗಳಿಗೆ ಉತ್ತರ ಕೊಡುವ ಅತ್ಯುತ್ತಮ ಮಾರ್ಗವೆಂದರೆ ಕನ್ನಡವನ್ನು ಇನ್ನಷ್ಟು ಶ್ರೀಮಂತಗೊಳಿಸುವುದು. ಕನ್ನಡದಲ್ಲಿ ಜ್ಞಾನ, ವಿಜ್ಞಾನ, ತಂತ್ರಜ್ಞಾನದ ಸಾಹಿತ್ಯ ಬೆಳೆಯಬೇಕು. ಆಗ ಕನ್ನಡ ಸ್ವತಃ ತನ್ನ ಹಿರಿಮೆಯನ್ನು ಜಗತ್ತಿಗೆ ಸಾರುತ್ತದೆ. 'ಮನಸ್ಸು ಮನಸ್ಸುಗಳ ನಡುವೆ ಸೇತುವೆ ಕಟ್ಟುವುದೇ ಭಾಷೆಯ ನಿಜವಾದ ಉದ್ದೇಶ' ಎಂಬ ಮಾತು ಸದಾ ನೆನಪಿರಲಿ.
